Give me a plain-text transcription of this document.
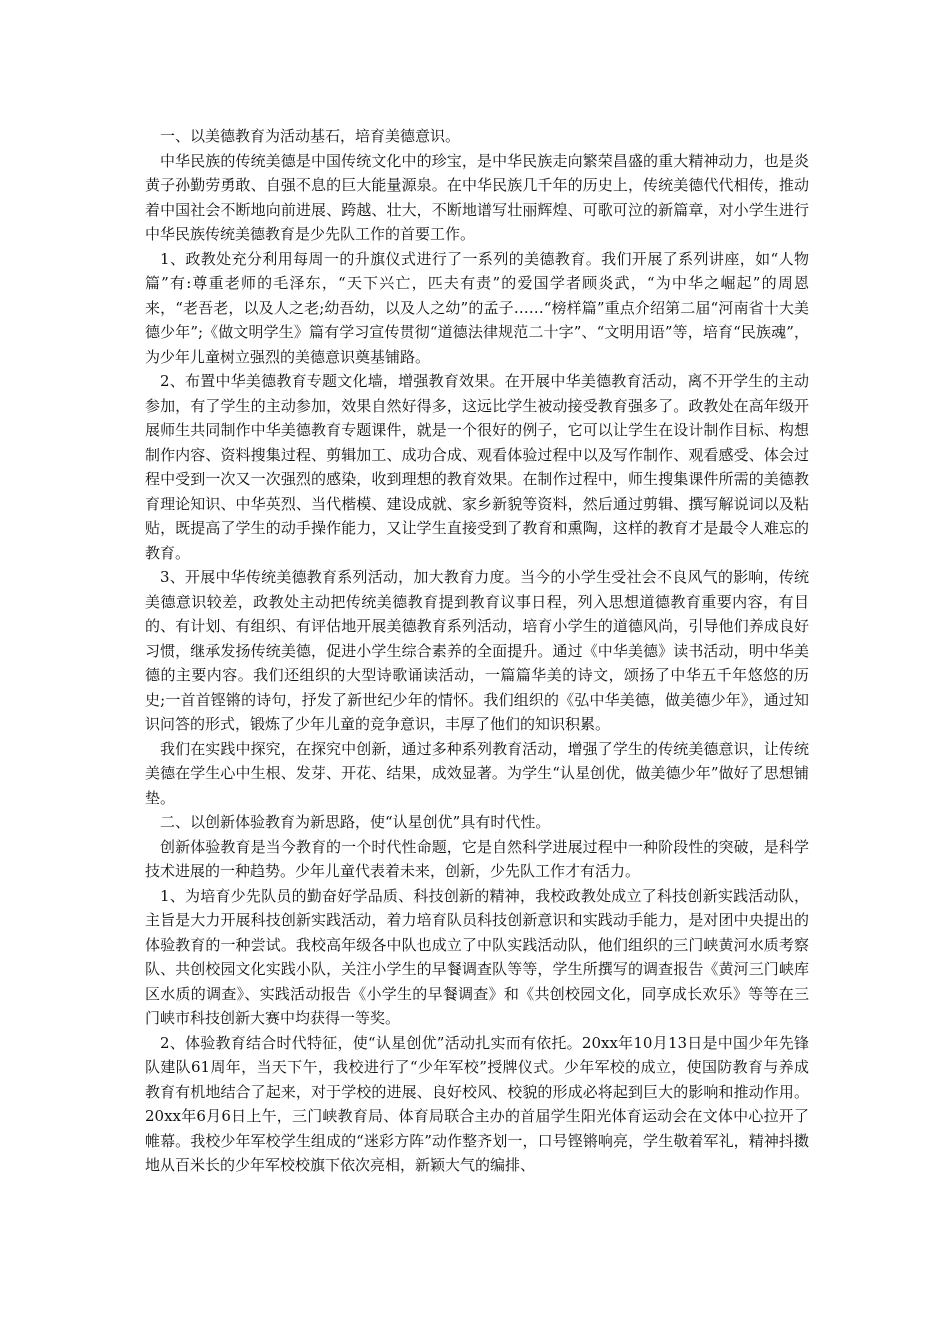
一、以美德教育为活动基石，培育美德意识。

中华民族的传统美德是中国传统文化中的珍宝，是中华民族走向繁荣昌盛的重大精神动力，也是炎黄子孙勤劳勇敢、自强不息的巨大能量源泉。在中华民族几千年的历史上，传统美德代代相传，推动着中国社会不断地向前进展、跨越、壮大，不断地谱写壮丽辉煌、可歌可泣的新篇章，对小学生进行中华民族传统美德教育是少先队工作的首要工作。

1、政教处充分利用每周一的升旗仪式进行了一系列的美德教育。我们开展了系列讲座，如“人物篇”有:尊重老师的毛泽东，“天下兴亡，匹夫有责”的爱国学者顾炎武，“为中华之崛起”的周恩来，“老吾老，以及人之老;幼吾幼，以及人之幼”的孟子……“榜样篇”重点介绍第二届“河南省十大美德少年”;《做文明学生》篇有学习宣传贯彻“道德法律规范二十字”、“文明用语”等，培育“民族魂”，为少年儿童树立强烈的美德意识奠基铺路。

2、布置中华美德教育专题文化墙，增强教育效果。在开展中华美德教育活动，离不开学生的主动参加，有了学生的主动参加，效果自然好得多，这远比学生被动接受教育强多了。政教处在高年级开展师生共同制作中华美德教育专题课件，就是一个很好的例子，它可以让学生在设计制作目标、构想制作内容、资料搜集过程、剪辑加工、成功合成、观看体验过程中以及写作制作、观看感受、体会过程中受到一次又一次强烈的感染，收到理想的教育效果。在制作过程中，师生搜集课件所需的美德教育理论知识、中华英烈、当代楷模、建设成就、家乡新貌等资料，然后通过剪辑、撰写解说词以及粘贴，既提高了学生的动手操作能力，又让学生直接受到了教育和熏陶，这样的教育才是最令人难忘的教育。

3、开展中华传统美德教育系列活动，加大教育力度。当今的小学生受社会不良风气的影响，传统美德意识较差，政教处主动把传统美德教育提到教育议事日程，列入思想道德教育重要内容，有目的、有计划、有组织、有评估地开展美德教育系列活动，培育小学生的道德风尚，引导他们养成良好习惯，继承发扬传统美德，促进小学生综合素养的全面提升。通过《中华美德》读书活动，明中华美德的主要内容。我们还组织的大型诗歌诵读活动，一篇篇华美的诗文，颂扬了中华五千年悠悠的历史;一首首铿锵的诗句，抒发了新世纪少年的情怀。我们组织的《弘中华美德，做美德少年》，通过知识问答的形式，锻炼了少年儿童的竞争意识，丰厚了他们的知识积累。

我们在实践中探究，在探究中创新，通过多种系列教育活动，增强了学生的传统美德意识，让传统美德在学生心中生根、发芽、开花、结果，成效显著。为学生“认星创优，做美德少年”做好了思想铺垫。

二、以创新体验教育为新思路，使“认星创优”具有时代性。

创新体验教育是当今教育的一个时代性命题，它是自然科学进展过程中一种阶段性的突破，是科学技术进展的一种趋势。少年儿童代表着未来，创新，少先队工作才有活力。

1、为培育少先队员的勤奋好学品质、科技创新的精神，我校政教处成立了科技创新实践活动队，主旨是大力开展科技创新实践活动，着力培育队员科技创新意识和实践动手能力，是对团中央提出的体验教育的一种尝试。我校高年级各中队也成立了中队实践活动队，他们组织的三门峡黄河水质考察队、共创校园文化实践小队，关注小学生的早餐调查队等等，学生所撰写的调查报告《黄河三门峡库区水质的调查》、实践活动报告《小学生的早餐调查》和《共创校园文化，同享成长欢乐》等等在三门峡市科技创新大赛中均获得一等奖。

2、体验教育结合时代特征，使“认星创优”活动扎实而有依托。20xx年10月13日是中国少年先锋队建队61周年，当天下午，我校进行了“少年军校”授牌仪式。少年军校的成立，使国防教育与养成教育有机地结合了起来，对于学校的进展、良好校风、校貌的形成必将起到巨大的影响和推动作用。20xx年6月6日上午，三门峡教育局、体育局联合主办的首届学生阳光体育运动会在文体中心拉开了帷幕。我校少年军校学生组成的“迷彩方阵”动作整齐划一，口号铿锵响亮，学生敬着军礼，精神抖擞地从百米长的少年军校校旗下依次亮相，新颖大气的编排、
